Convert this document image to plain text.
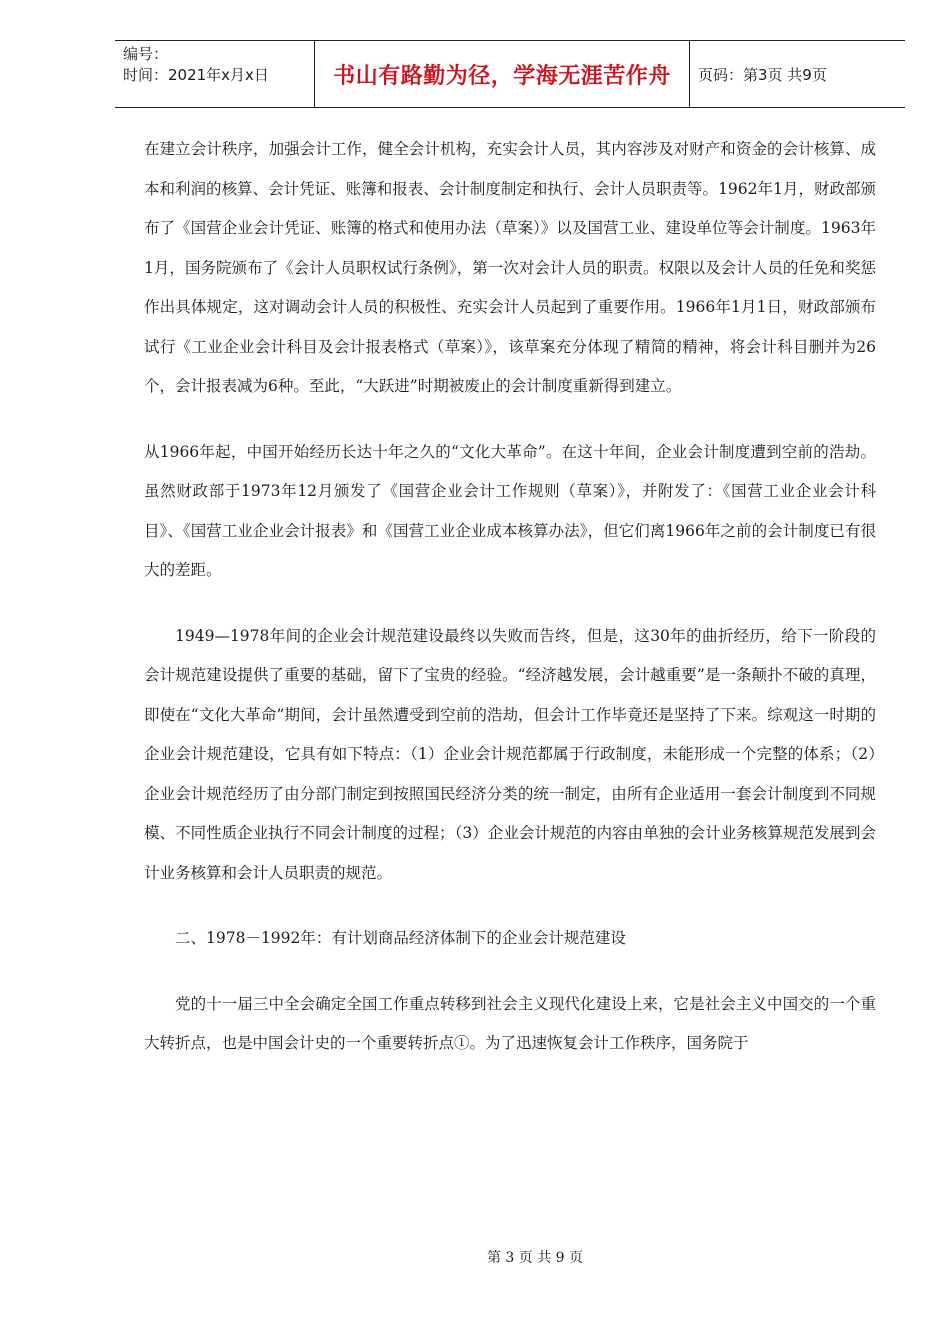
编号：
时间：2021年x月x日	书山有路勤为径，学海无涯苦作舟	页码：第3页 共9页

在建立会计秩序，加强会计工作，健全会计机构，充实会计人员，其内容涉及对财产和资金的会计核算、成本和利润的核算、会计凭证、账簿和报表、会计制度制定和执行、会计人员职责等。1962年1月，财政部颁布了《国营企业会计凭证、账簿的格式和使用办法（草案）》以及国营工业、建设单位等会计制度。1963年1月，国务院颁布了《会计人员职权试行条例》，第一次对会计人员的职责。权限以及会计人员的任免和奖惩作出具体规定，这对调动会计人员的积极性、充实会计人员起到了重要作用。1966年1月1日，财政部颁布试行《工业企业会计科目及会计报表格式（草案）》，该草案充分体现了精简的精神，将会计科目删并为26个，会计报表减为6种。至此，“大跃进”时期被废止的会计制度重新得到建立。

从1966年起，中国开始经历长达十年之久的“文化大革命”。在这十年间，企业会计制度遭到空前的浩劫。虽然财政部于1973年12月颁发了《国营企业会计工作规则（草案）》，并附发了：《国营工业企业会计科目》、《国营工业企业会计报表》和《国营工业企业成本核算办法》，但它们离1966年之前的会计制度已有很大的差距。

1949—1978年间的企业会计规范建设最终以失败而告终，但是，这30年的曲折经历，给下一阶段的会计规范建设提供了重要的基础，留下了宝贵的经验。“经济越发展，会计越重要”是一条颠扑不破的真理，即使在“文化大革命”期间，会计虽然遭受到空前的浩劫，但会计工作毕竟还是坚持了下来。综观这一时期的企业会计规范建设，它具有如下特点：（1）企业会计规范都属于行政制度，未能形成一个完整的体系；（2）企业会计规范经历了由分部门制定到按照国民经济分类的统一制定，由所有企业适用一套会计制度到不同规模、不同性质企业执行不同会计制度的过程；（3）企业会计规范的内容由单独的会计业务核算规范发展到会计业务核算和会计人员职责的规范。

二、1978－1992年：有计划商品经济体制下的企业会计规范建设

党的十一届三中全会确定全国工作重点转移到社会主义现代化建设上来，它是社会主义中国交的一个重大转折点，也是中国会计史的一个重要转折点①。为了迅速恢复会计工作秩序，国务院于

第 3 页 共 9 页
